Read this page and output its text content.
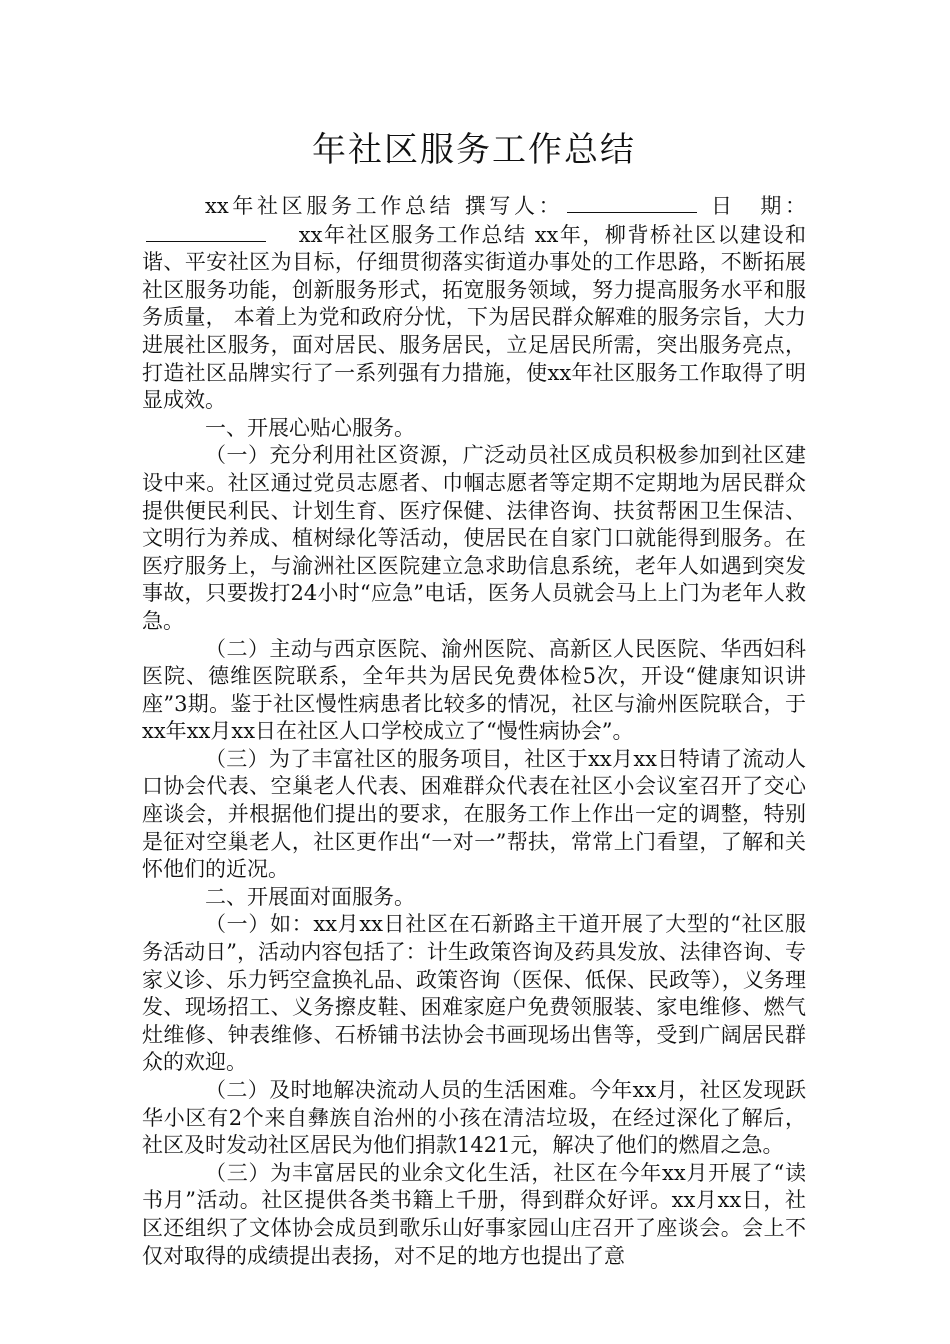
年社区服务工作总结

xx年社区服务工作总结 撰写人：	日　期：    xx年社区服务工作总结 xx年，柳背桥社区以建设和谐、平安社区为目标，仔细贯彻落实街道办事处的工作思路，不断拓展社区服务功能，创新服务形式，拓宽服务领域，努力提高服务水平和服务质量， 本着上为党和政府分忧，下为居民群众解难的服务宗旨，大力进展社区服务，面对居民、服务居民，立足居民所需，突出服务亮点，打造社区品牌实行了一系列强有力措施，使xx年社区服务工作取得了明显成效。

一、开展心贴心服务。

（一）充分利用社区资源，广泛动员社区成员积极参加到社区建设中来。社区通过党员志愿者、巾帼志愿者等定期不定期地为居民群众提供便民利民、计划生育、医疗保健、法律咨询、扶贫帮困卫生保洁、文明行为养成、植树绿化等活动，使居民在自家门口就能得到服务。在医疗服务上，与渝洲社区医院建立急求助信息系统，老年人如遇到突发事故，只要拨打24小时“应急”电话，医务人员就会马上上门为老年人救急。

（二）主动与西京医院、渝州医院、高新区人民医院、华西妇科医院、德维医院联系，全年共为居民免费体检5次，开设“健康知识讲座”3期。鉴于社区慢性病患者比较多的情况，社区与渝州医院联合，于xx年xx月xx日在社区人口学校成立了“慢性病协会”。

（三）为了丰富社区的服务项目，社区于xx月xx日特请了流动人口协会代表、空巢老人代表、困难群众代表在社区小会议室召开了交心座谈会，并根据他们提出的要求，在服务工作上作出一定的调整，特别是征对空巢老人，社区更作出“一对一”帮扶，常常上门看望，了解和关怀他们的近况。

二、开展面对面服务。

（一）如：xx月xx日社区在石新路主干道开展了大型的“社区服务活动日”，活动内容包括了：计生政策咨询及药具发放、法律咨询、专家义诊、乐力钙空盒换礼品、政策咨询（医保、低保、民政等），义务理发、现场招工、义务擦皮鞋、困难家庭户免费领服装、家电维修、燃气灶维修、钟表维修、石桥铺书法协会书画现场出售等，受到广阔居民群众的欢迎。

（二）及时地解决流动人员的生活困难。今年xx月，社区发现跃华小区有2个来自彝族自治州的小孩在清洁垃圾，在经过深化了解后，社区及时发动社区居民为他们捐款1421元，解决了他们的燃眉之急。

（三）为丰富居民的业余文化生活，社区在今年xx月开展了“读书月”活动。社区提供各类书籍上千册，得到群众好评。xx月xx日，社区还组织了文体协会成员到歌乐山好事家园山庄召开了座谈会。会上不仅对取得的成绩提出表扬，对不足的地方也提出了意
